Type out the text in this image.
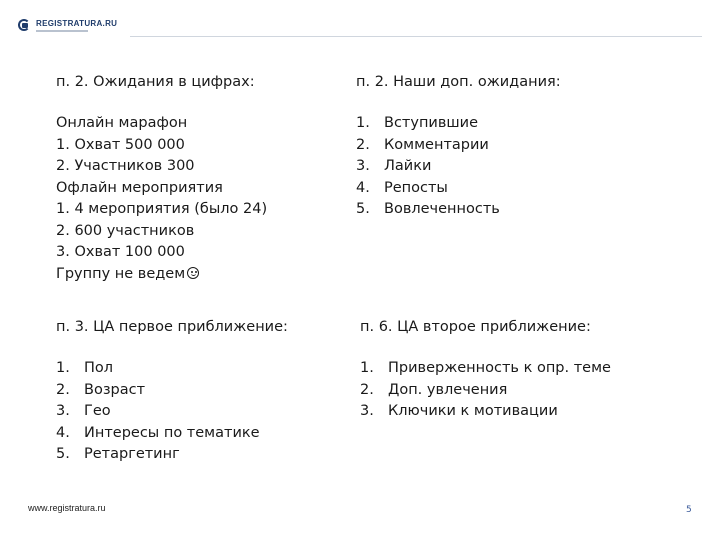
REGISTRATURA.RU
п. 2. Ожидания в цифрах:
Онлайн марафон
1. Охват 500 000
2. Участников 300
Офлайн мероприятия
1. 4 мероприятия (было 24)
2. 600 участников
3. Охват 100 000
Группу не ведем
п. 2. Наши доп. ожидания:
1. Вступившие
2. Комментарии
3. Лайки
4. Репосты
5. Вовлеченность
п. 3. ЦА первое приближение:
1. Пол
2. Возраст
3. Гео
4. Интересы по тематике
5. Ретаргетинг
п. 6. ЦА второе приближение:
1. Приверженность к опр. теме
2. Доп. увлечения
3. Ключики к мотивации
www.registratura.ru	5
